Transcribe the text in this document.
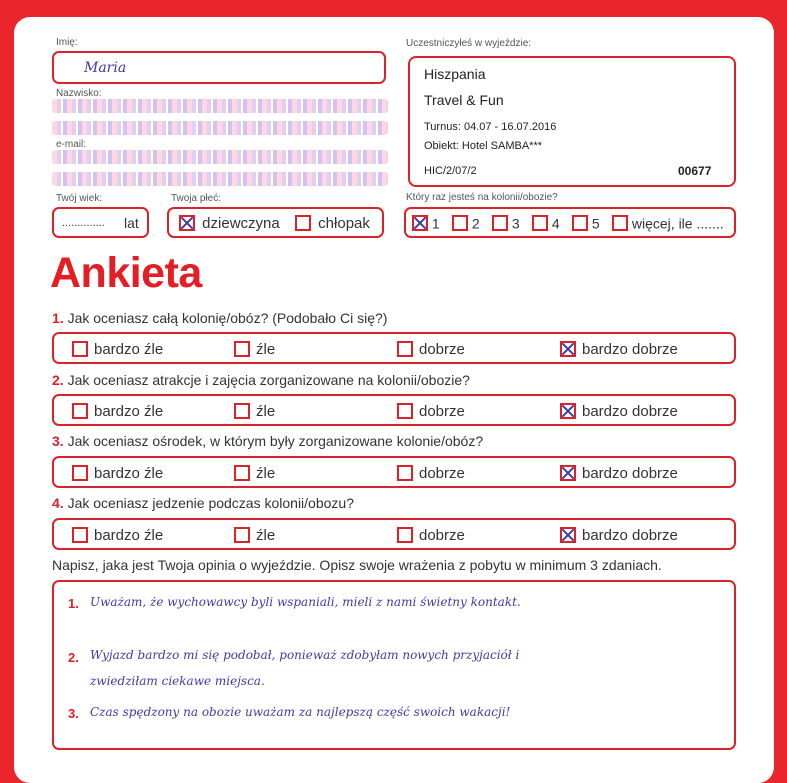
Imię:
Maria
Nazwisko:
e-mail:
Twój wiek:
.............. lat
Twoja płeć:
dziewczyna	chłopak
Uczestniczyłeś w wyjeździe:
Hiszpania
Travel & Fun
Turnus: 04.07 - 16.07.2016
Obiekt: Hotel SAMBA***
HIC/2/07/2	00677
Który raz jesteś na kolonii/obozie?
1	2	3	4	5	więcej, ile .......
Ankieta
1. Jak oceniasz całą kolonię/obóz? (Podobało Ci się?)
bardzo źle	źle	dobrze	bardzo dobrze
2. Jak oceniasz atrakcje i zajęcia zorganizowane na kolonii/obozie?
bardzo źle	źle	dobrze	bardzo dobrze
3. Jak oceniasz ośrodek, w którym były zorganizowane kolonie/obóz?
bardzo źle	źle	dobrze	bardzo dobrze
4. Jak oceniasz jedzenie podczas kolonii/obozu?
bardzo źle	źle	dobrze	bardzo dobrze
Napisz, jaka jest Twoja opinia o wyjeździe. Opisz swoje wrażenia z pobytu w minimum 3 zdaniach.
1. Uważam, że wychowawcy byli wspaniali, mieli z nami świetny kontakt.
2. Wyjazd bardzo mi się podobał, ponieważ zdobyłam nowych przyjaciół i
zwiedziłam ciekawe miejsca.
3. Czas spędzony na obozie uważam za najlepszą część swoich wakacji!
